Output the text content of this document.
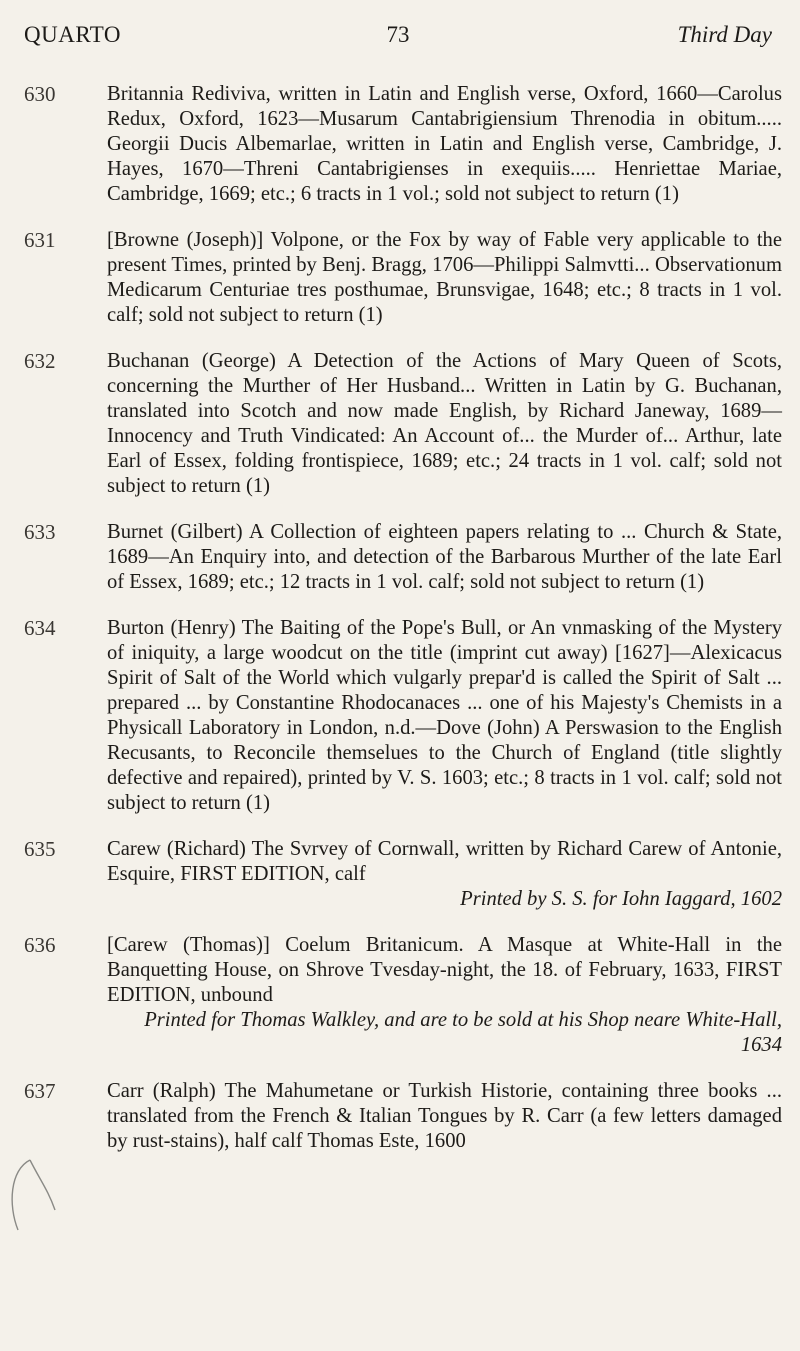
QUARTO	73	Third Day
630	Britannia Rediviva, written in Latin and English verse, Oxford, 1660—Carolus Redux, Oxford, 1623—Musarum Cantabrigiensium Threnodia in obitum..... Georgii Ducis Albemarlae, written in Latin and English verse, Cambridge, J. Hayes, 1670—Threni Cantabrigienses in exequiis..... Henriettae Mariae, Cambridge, 1669; etc.; 6 tracts in 1 vol.; sold not subject to return (1)
631	[Browne (Joseph)] Volpone, or the Fox by way of Fable very applicable to the present Times, printed by Benj. Bragg, 1706—Philippi Salmvtti... Observationum Medicarum Centuriae tres posthumae, Brunsvigae, 1648; etc.; 8 tracts in 1 vol. calf; sold not subject to return (1)
632	Buchanan (George) A Detection of the Actions of Mary Queen of Scots, concerning the Murther of Her Husband... Written in Latin by G. Buchanan, translated into Scotch and now made English, by Richard Janeway, 1689—Innocency and Truth Vindicated: An Account of... the Murder of... Arthur, late Earl of Essex, folding frontispiece, 1689; etc.; 24 tracts in 1 vol. calf; sold not subject to return (1)
633	Burnet (Gilbert) A Collection of eighteen papers relating to ... Church & State, 1689—An Enquiry into, and detection of the Barbarous Murther of the late Earl of Essex, 1689; etc.; 12 tracts in 1 vol. calf; sold not subject to return (1)
634	Burton (Henry) The Baiting of the Pope's Bull, or An vnmasking of the Mystery of iniquity, a large woodcut on the title (imprint cut away) [1627]—Alexicacus Spirit of Salt of the World which vulgarly prepar'd is called the Spirit of Salt ... prepared ... by Constantine Rhodocanaces ... one of his Majesty's Chemists in a Physicall Laboratory in London, n.d.—Dove (John) A Perswasion to the English Recusants, to Reconcile themselues to the Church of England (title slightly defective and repaired), printed by V. S. 1603; etc.; 8 tracts in 1 vol. calf; sold not subject to return (1)
635	Carew (Richard) The Svrvey of Cornwall, written by Richard Carew of Antonie, Esquire, FIRST EDITION, calf
Printed by S. S. for Iohn Iaggard, 1602
636	[Carew (Thomas)] Coelum Britanicum. A Masque at White-Hall in the Banquetting House, on Shrove Tvesday-night, the 18. of February, 1633, FIRST EDITION, unbound
Printed for Thomas Walkley, and are to be sold at his Shop neare White-Hall, 1634
637	Carr (Ralph) The Mahumetane or Turkish Historie, containing three books ... translated from the French & Italian Tongues by R. Carr (a few letters damaged by rust-stains), half calf Thomas Este, 1600
